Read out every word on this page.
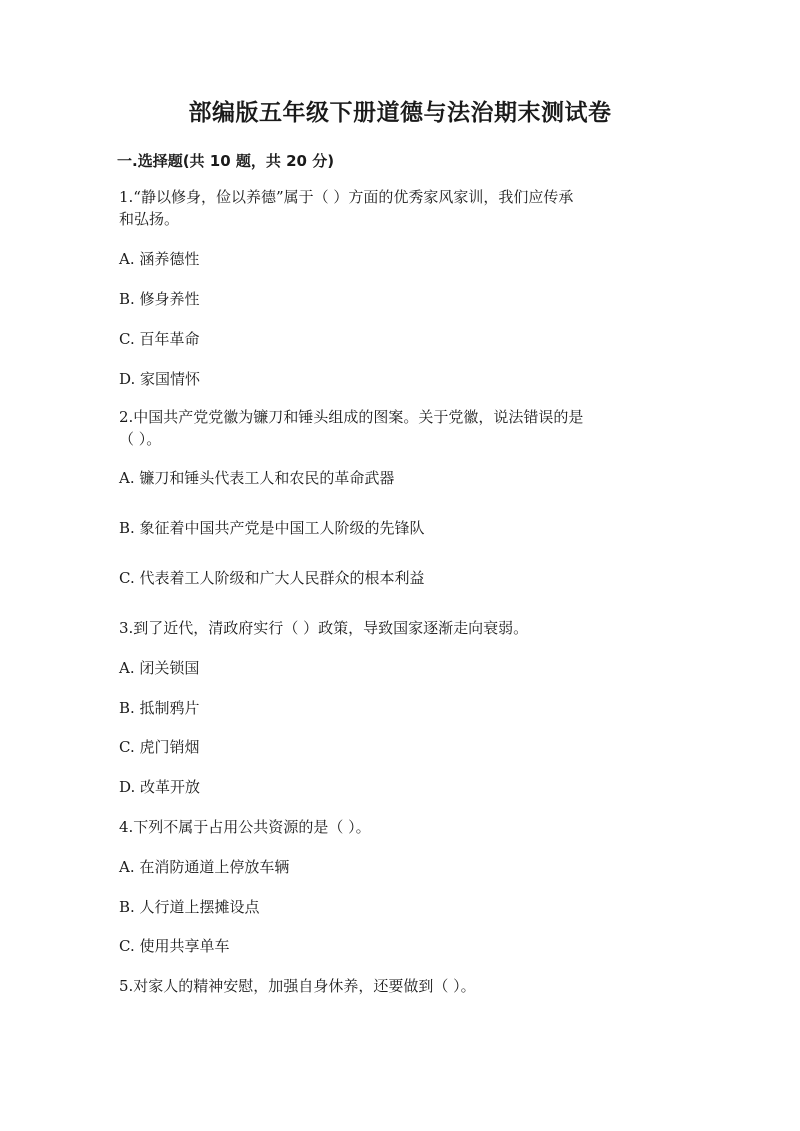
部编版五年级下册道德与法治期末测试卷
一.选择题(共 10 题，共 20 分)
1.“静以修身，俭以养德”属于（ ）方面的优秀家风家训，我们应传承
和弘扬。
A. 涵养德性
B. 修身养性
C. 百年革命
D. 家国情怀
2.中国共产党党徽为镰刀和锤头组成的图案。关于党徽，说法错误的是
（ ）。
A. 镰刀和锤头代表工人和农民的革命武器
B. 象征着中国共产党是中国工人阶级的先锋队
C. 代表着工人阶级和广大人民群众的根本利益
3.到了近代，清政府实行（ ）政策，导致国家逐渐走向衰弱。
A. 闭关锁国
B. 抵制鸦片
C. 虎门销烟
D. 改革开放
4.下列不属于占用公共资源的是（ ）。
A. 在消防通道上停放车辆
B. 人行道上摆摊设点
C. 使用共享单车
5.对家人的精神安慰，加强自身休养，还要做到（ ）。
